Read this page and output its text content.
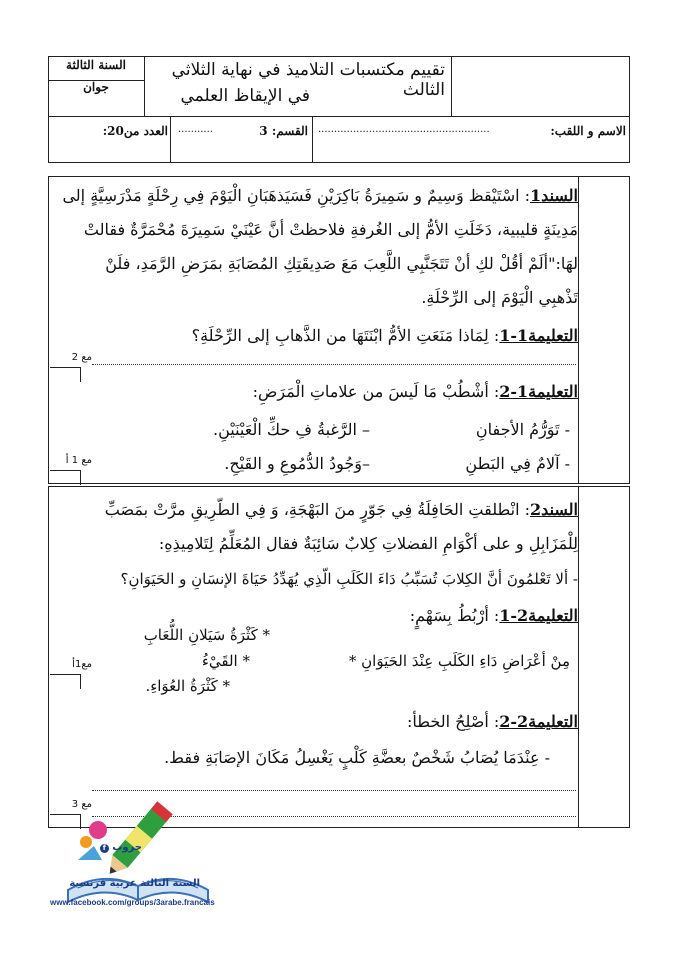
السنة الثالثة
جوان
تقييم مكتسبات التلاميذ في نهاية الثلاثي الثالث
في الإيقاظ العلمي
الاسم و اللقب:
......................................................
القسم: 3
...........
العدد من20:
السند1: اسْتَيْقظ وَسِيمٌ و سَمِيرَةُ بَاكِرَيْنِ فَسَيَذهَبَانِ الْيَوْمَ فِي رِحْلَةٍ مَدْرَسِيَّةٍ إلى
مَدِينَةٍ قليبية، دَخَلَتِ الأمُّ إلى الغُرفةِ فلاحظتْ أنَّ عَيْنَيْ سَمِيرَةَ مُحْمَرَّةٌ فقالتْ
لهَا:"ألَمْ أقُلْ لكِ أنْ تَتَجَنَّبِي اللَّعِبَ مَعَ صَدِيقَتِكِ المُصَابَةِ بمَرَضِ الرَّمَدِ، فلَنْ
تَذْهبِي الْيَوْمَ إلى الرِّحْلَةِ.
التعليمة1-1: لِمَاذا مَنَعَتِ الأمُّ ابْنَتَهَا من الذَّهابِ إلى الرِّحْلَةِ؟
مع 2
التعليمة1-2: أشْطُبْ مَا لَيسَ من علاماتِ الْمَرَضِ:
- تَوَرُّمُ الأجفانِ
– الرَّغبةُ فِ حكِّ الْعَيْنَيْنِ.
- آلامٌ فِي البَطنِ
–وَجُودُ الدُّمُوعِ و القَيْحِ.
مع 1 أ
السند2: انْطلقتِ الحَافِلَةُ فِي جَوّرٍ منَ البَهْجَةِ، وَ فِي الطّرِيقِ مرَّتْ بمَصَبِّ
لِلْمَزَابِلِ و على أكْوَامِ الفضلاتِ كِلابٌ سَائِبَةٌ فقال المُعَلِّمُ لِتَلامِيذِهِ:
- ألا تَعْلمُونَ أنَّ الكِلابَ تُسَبِّبُ دَاءَ الكَلَبِ الّذِي يُهَدِّدُ حَيَاةَ الإنسَانِ و الحَيَوَانِ؟
التعليمة2-1: أرْبُطُ بِسَهْمٍ:
* كَثْرَةُ سَيَلانِ اللُّعَابِ
* القَيْءُ	مِنْ أعْرَاضِ دَاءِ الكَلَبِ عِنْدَ الحَيَوَانِ *
* كَثْرَةُ العُوَاءِ.
مع1أ
التعليمة2-2: أصْلِحُ الخطأ:
- عِنْدَمَا يُصَابُ شَخْصٌ بعضَّةِ كَلْبٍ يَغْسِلُ مَكَانَ الإصَابَةِ فقط.
مع 3
جروب f
السنة الثالثة عربية فرنسية
www.facebook.com/groups/3arabe.francais
